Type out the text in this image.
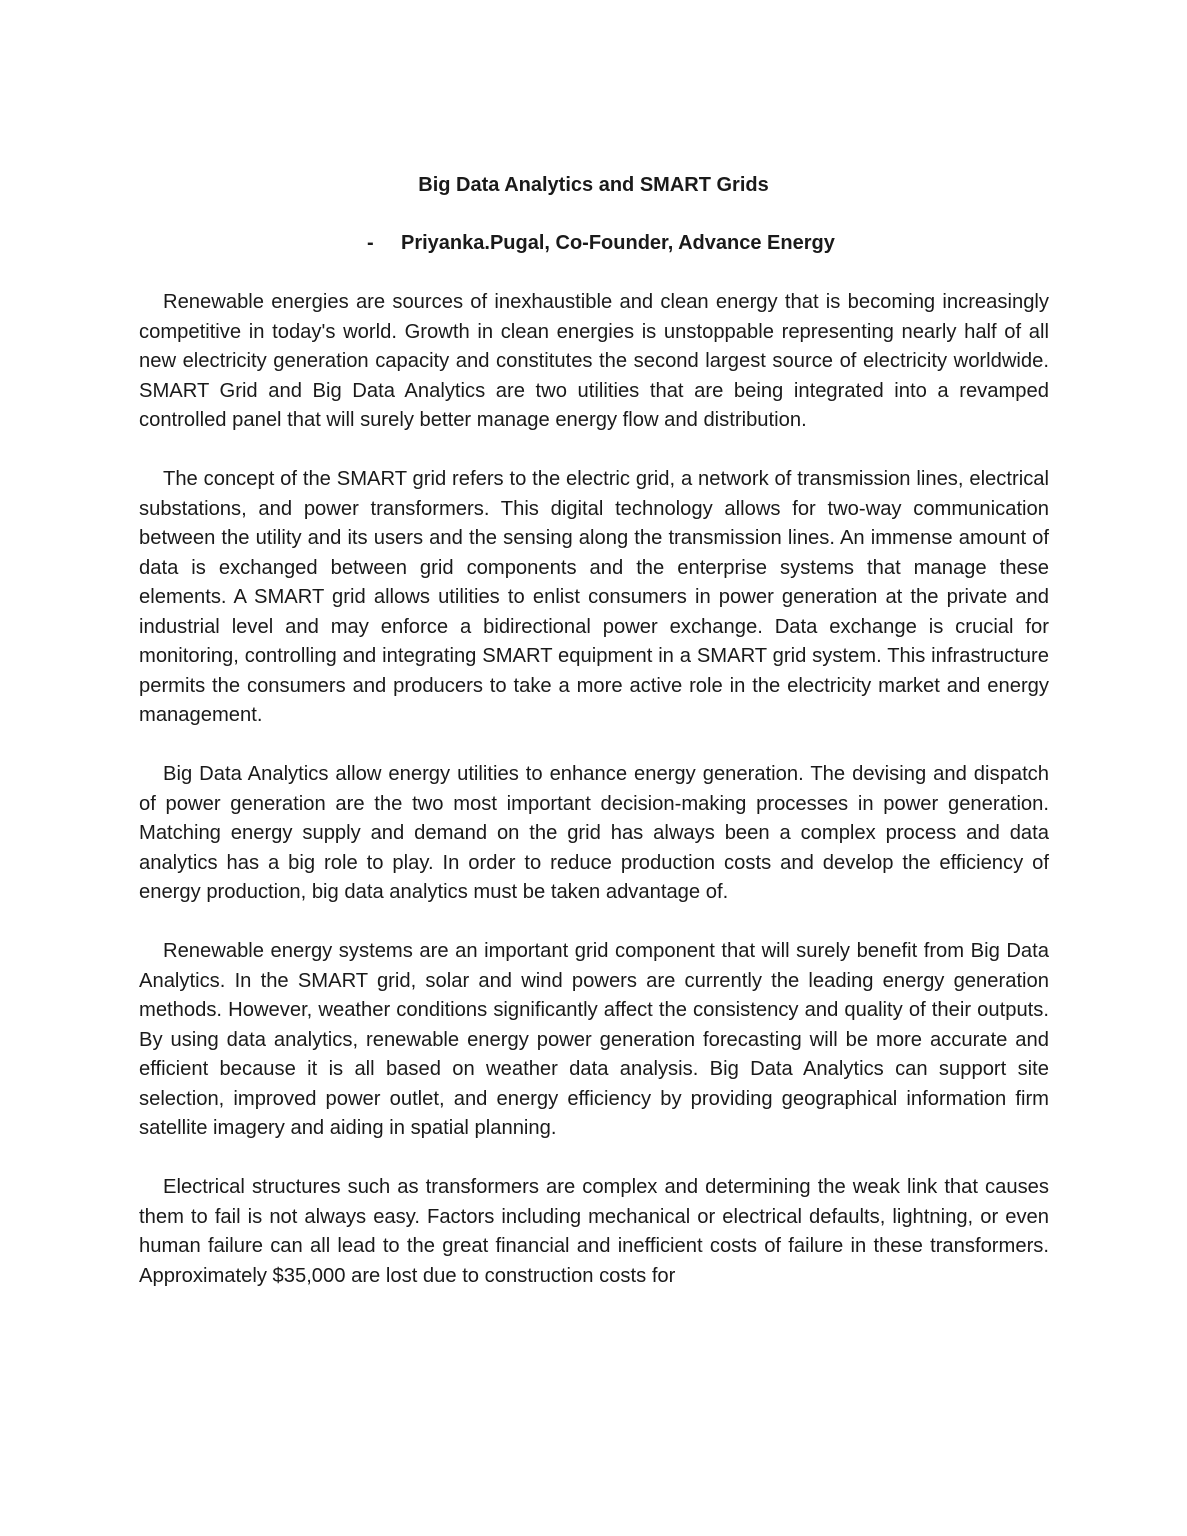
Big Data Analytics and SMART Grids

- Priyanka.Pugal, Co-Founder, Advance Energy

Renewable energies are sources of inexhaustible and clean energy that is becoming increasingly competitive in today's world. Growth in clean energies is unstoppable representing nearly half of all new electricity generation capacity and constitutes the second largest source of electricity worldwide. SMART Grid and Big Data Analytics are two utilities that are being integrated into a revamped controlled panel that will surely better manage energy flow and distribution.

The concept of the SMART grid refers to the electric grid, a network of transmission lines, electrical substations, and power transformers. This digital technology allows for two-way communication between the utility and its users and the sensing along the transmission lines. An immense amount of data is exchanged between grid components and the enterprise systems that manage these elements. A SMART grid allows utilities to enlist consumers in power generation at the private and industrial level and may enforce a bidirectional power exchange. Data exchange is crucial for monitoring, controlling and integrating SMART equipment in a SMART grid system. This infrastructure permits the consumers and producers to take a more active role in the electricity market and energy management.

Big Data Analytics allow energy utilities to enhance energy generation. The devising and dispatch of power generation are the two most important decision-making processes in power generation. Matching energy supply and demand on the grid has always been a complex process and data analytics has a big role to play. In order to reduce production costs and develop the efficiency of energy production, big data analytics must be taken advantage of.

Renewable energy systems are an important grid component that will surely benefit from Big Data Analytics. In the SMART grid, solar and wind powers are currently the leading energy generation methods. However, weather conditions significantly affect the consistency and quality of their outputs. By using data analytics, renewable energy power generation forecasting will be more accurate and efficient because it is all based on weather data analysis. Big Data Analytics can support site selection, improved power outlet, and energy efficiency by providing geographical information firm satellite imagery and aiding in spatial planning.

Electrical structures such as transformers are complex and determining the weak link that causes them to fail is not always easy. Factors including mechanical or electrical defaults, lightning, or even human failure can all lead to the great financial and inefficient costs of failure in these transformers. Approximately $35,000 are lost due to construction costs for
